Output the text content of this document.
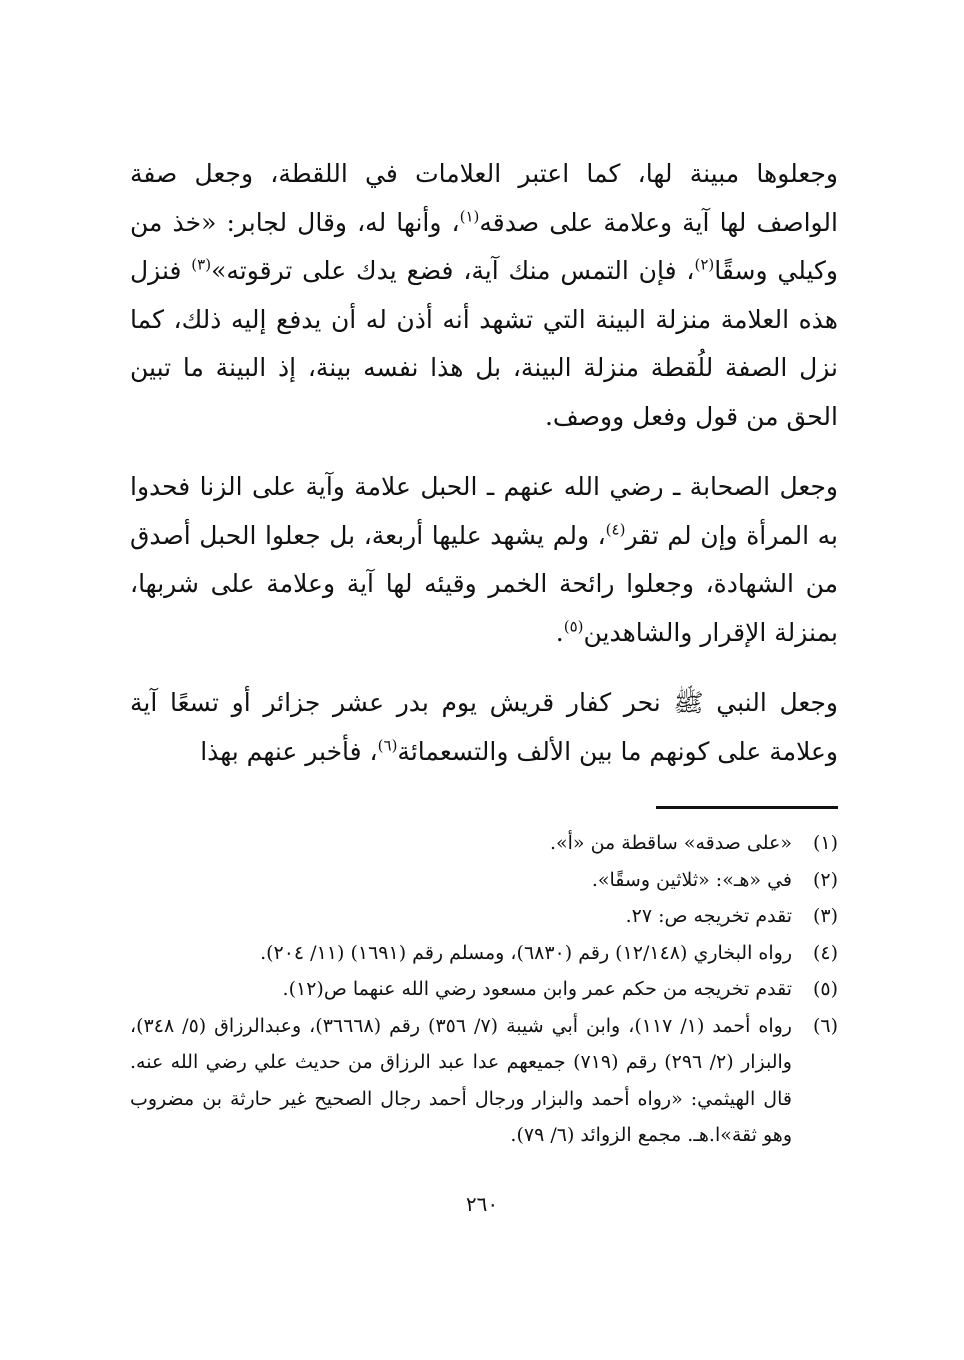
وجعلوها مبينة لها، كما اعتبر العلامات في اللقطة، وجعل صفة الواصف لها آية وعلامة على صدقه$^{(١)}$، وأنها له، وقال لجابر: «خذ من وكيلي وسقًا$^{(٢)}$، فإن التمس منك آية، فضع يدك على ترقوته»$^{(٣)}$ فنزل هذه العلامة منزلة البينة التي تشهد أنه أذن له أن يدفع إليه ذلك، كما نزل الصفة للُقطة منزلة البينة، بل هذا نفسه بينة، إذ البينة ما تبين الحق من قول وفعل ووصف.

وجعل الصحابة ـ رضي الله عنهم ـ الحبل علامة وآية على الزنا فحدوا به المرأة وإن لم تقر$^{(٤)}$، ولم يشهد عليها أربعة، بل جعلوا الحبل أصدق من الشهادة، وجعلوا رائحة الخمر وقيئه لها آية وعلامة على شربها، بمنزلة الإقرار والشاهدين$^{(٥)}$.

وجعل النبي ﷺ نحر كفار قريش يوم بدر عشر جزائر أو تسعًا آية وعلامة على كونهم ما بين الألف والتسعمائة$^{(٦)}$، فأخبر عنهم بهذا

(١)
«على صدقه» ساقطة من «أ».
(٢)
في «هـ»: «ثلاثين وسقًا».
(٣)
تقدم تخريجه ص: ٢٧.
(٤)
رواه البخاري (١٢/١٤٨) رقم (٦٨٣٠)، ومسلم رقم (١٦٩١) (١١/ ٢٠٤).
(٥)
تقدم تخريجه من حكم عمر وابن مسعود رضي الله عنهما ص(١٢).
(٦)
رواه أحمد (١/ ١١٧)، وابن أبي شيبة (٧/ ٣٥٦) رقم (٣٦٦٦٨)، وعبدالرزاق (٥/ ٣٤٨)، والبزار (٢/ ٢٩٦) رقم (٧١٩) جميعهم عدا عبد الرزاق من حديث علي رضي الله عنه. قال الهيثمي: «رواه أحمد والبزار ورجال أحمد رجال الصحيح غير حارثة بن مضروب وهو ثقة»ا.هـ. مجمع الزوائد (٦/ ٧٩).
٢٦٠
